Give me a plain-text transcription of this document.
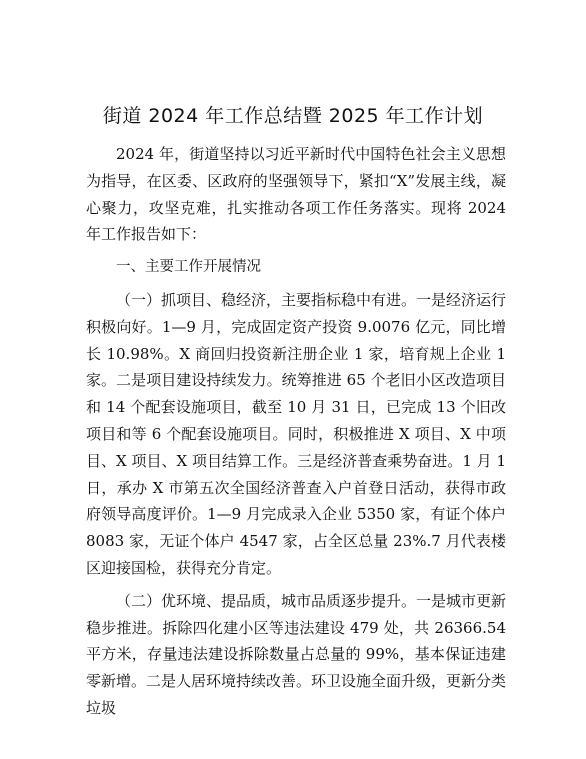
街道 2024 年工作总结暨 2025 年工作计划

2024 年，街道坚持以习近平新时代中国特色社会主义思想为指导，在区委、区政府的坚强领导下，紧扣“X”发展主线，凝心聚力，攻坚克难，扎实推动各项工作任务落实。现将 2024 年工作报告如下：

一、主要工作开展情况

（一）抓项目、稳经济，主要指标稳中有进。一是经济运行积极向好。1—9 月，完成固定资产投资 9.0076 亿元，同比增长 10.98%。X 商回归投资新注册企业 1 家，培育规上企业 1 家。二是项目建设持续发力。统筹推进 65 个老旧小区改造项目和 14 个配套设施项目，截至 10 月 31 日，已完成 13 个旧改项目和等 6 个配套设施项目。同时，积极推进 X 项目、X 中项目、X 项目、X 项目结算工作。三是经济普查乘势奋进。1 月 1 日，承办 X 市第五次全国经济普查入户首登日活动，获得市政府领导高度评价。1—9 月完成录入企业 5350 家，有证个体户 8083 家，无证个体户 4547 家，占全区总量 23%.7 月代表楼区迎接国检，获得充分肯定。

（二）优环境、提品质，城市品质逐步提升。一是城市更新稳步推进。拆除四化建小区等违法建设 479 处，共 26366.54 平方米，存量违法建设拆除数量占总量的 99%，基本保证违建零新增。二是人居环境持续改善。环卫设施全面升级，更新分类垃圾
